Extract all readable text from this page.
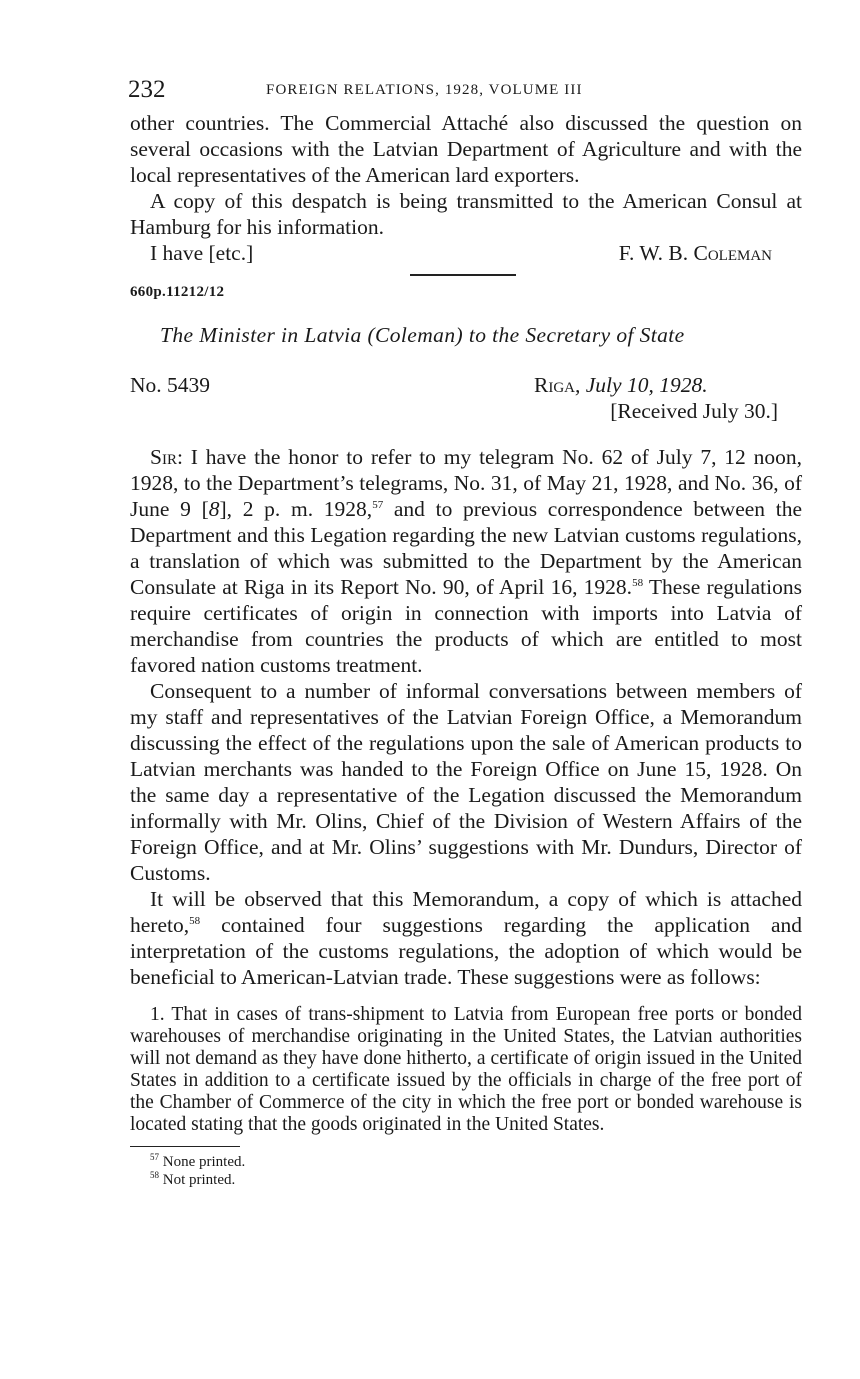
232	FOREIGN RELATIONS, 1928, VOLUME III

other countries. The Commercial Attaché also discussed the question on several occasions with the Latvian Department of Agriculture and with the local representatives of the American lard exporters.

A copy of this despatch is being transmitted to the American Consul at Hamburg for his information.

I have [etc.]	F. W. B. Coleman
660p.11212/12
The Minister in Latvia (Coleman) to the Secretary of State
No. 5439	Riga, July 10, 1928.
[Received July 30.]

Sir: I have the honor to refer to my telegram No. 62 of July 7, 12 noon, 1928, to the Department’s telegrams, No. 31, of May 21, 1928, and No. 36, of June 9 [8], 2 p. m. 1928,57 and to previous correspondence between the Department and this Legation regarding the new Latvian customs regulations, a translation of which was submitted to the Department by the American Consulate at Riga in its Report No. 90, of April 16, 1928.58 These regulations require certificates of origin in connection with imports into Latvia of merchandise from countries the products of which are entitled to most favored nation customs treatment.

Consequent to a number of informal conversations between members of my staff and representatives of the Latvian Foreign Office, a Memorandum discussing the effect of the regulations upon the sale of American products to Latvian merchants was handed to the Foreign Office on June 15, 1928. On the same day a representative of the Legation discussed the Memorandum informally with Mr. Olins, Chief of the Division of Western Affairs of the Foreign Office, and at Mr. Olins’ suggestions with Mr. Dundurs, Director of Customs.

It will be observed that this Memorandum, a copy of which is attached hereto,$^{58}$ contained four suggestions regarding the application and interpretation of the customs regulations, the adoption of which would be beneficial to American-Latvian trade. These suggestions were as follows:

1. That in cases of trans-shipment to Latvia from European free ports or bonded warehouses of merchandise originating in the United States, the Latvian authorities will not demand as they have done hitherto, a certificate of origin issued in the United States in addition to a certificate issued by the officials in charge of the free port of the Chamber of Commerce of the city in which the free port or bonded warehouse is located stating that the goods originated in the United States.

$^{57}$ None printed.
$^{58}$ Not printed.
